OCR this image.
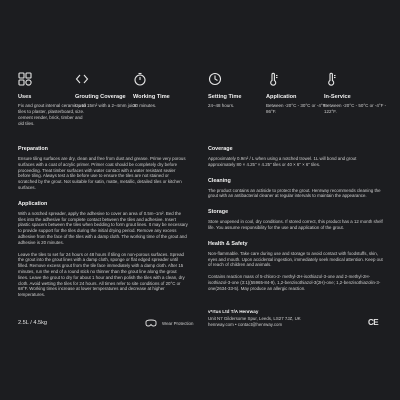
Uses
Fix and grout internal ceramic wall tiles to plaster, plasterboard, cement render, brick, timber and old tiles.
Grouting Coverage
Up to 15m² with a 2–4mm joint size.
Working Time
20 minutes.
Setting Time
24–48 hours.
Application
Between -20°C - 30°C or -4°F - 86°F.
In-Service
Between -20°C - 50°C or -4°F - 122°F.
Preparation
Ensure tiling surfaces are dry, clean and free from dust and grease. Prime very porous surfaces with a coat of acrylic primer. Primer coat should be completely dry before proceeding. Treat timber surfaces with water contact with a water resistant sealer before tiling. Always test a tile before use to ensure the tiles are not stained or scratched by the grout. Not suitable for satin, matte, metallic, detailed tiles or kitchen surfaces.
Application
With a notched spreader, apply the adhesive to cover an area of 0.5m–1m². Bed the tiles into the adhesive for complete contact between the tiles and adhesive. Insert plastic spacers between the tiles when bedding to form grout lines. It may be necessary to provide support for the tiles during the initial drying period. Remove any excess adhesive from the face of the tiles with a damp cloth. The working time of the grout and adhesive is 20 minutes.
Leave the tiles to set for 24 hours or 48 hours if tiling on non-porous surfaces. Spread the grout into the grout lines with a damp cloth, sponge or flat edged spreader until filled. Remove excess grout from the tile face immediately with a damp cloth. After 15 minutes, run the end of a round stick no thinner than the grout line along the grout lines. Leave the grout to dry for about 1 hour and then polish the tiles with a clean, dry cloth. Avoid wetting the tiles for 24 hours. All times refer to site conditions of 20°C or 68°F. Working times increase at lower temperatures and decrease at higher temperatures.
Coverage
Approximately 0.9m² / L when using a notched trowel. 1L will bond and grout approximately 80 × 4.25" × 4.25" tiles or 40 × 6" × 6" tiles.
Cleaning
The product contains an actiside to protect the grout. Henrway recommends cleaning the grout with an antibacterial cleaner at regular intervals to maintain the appearance.
Storage
Store unopened in cool, dry conditions. If stored correct, this product has a 12 month shelf life. You assume responsibility for the use and application of the grout.
Health & Safety
Non-flammable. Take care during use and storage to avoid contact with foodstuffs, skin, eyes and mouth. Upon accidental ingestion, immediately seek medical attention. Keep out of reach of children and animals.
Contains reaction mass of 5-chloro-2- methyl-2H-isothiazol-3-one and 2-methyl-2H-isothiazol-3-one (3:1)(55965-84-9), 1,2-benzisothiazol-3(2H)-one; 1,2-benzisothiazolin-3-one(2634-33-5). May produce an allergic reaction.
2.5L / 4.5kg	Wear Protection
v*rtus Ltd T/A Henrway
Unit N7 Gildersome Spur, Leeds, LS27 7JZ, UK
henrway.com • contact@henrway.com	CE
